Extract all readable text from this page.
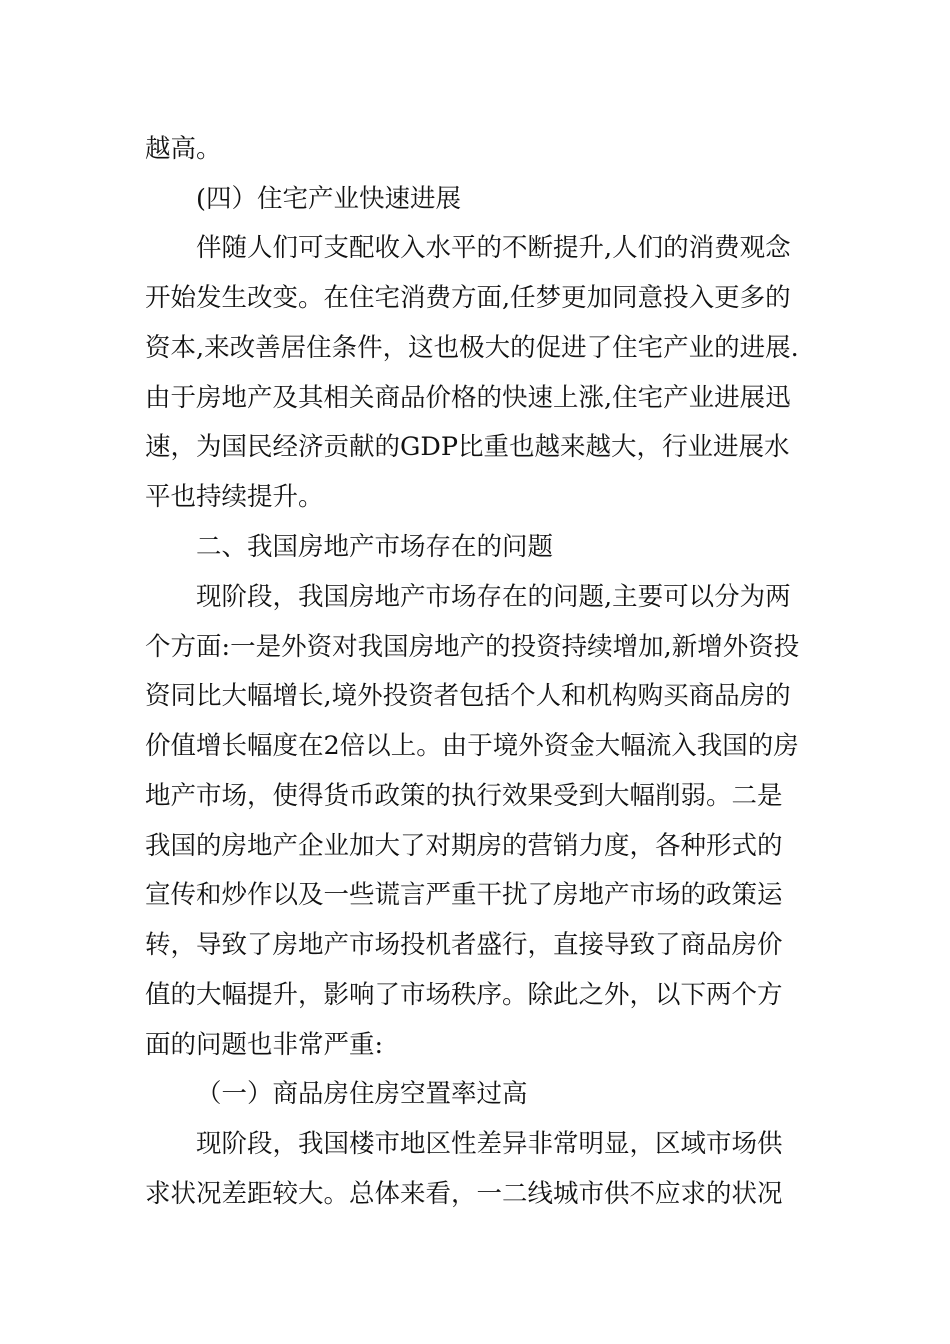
越高。

(四）住宅产业快速进展

伴随人们可支配收入水平的不断提升,人们的消费观念

开始发生改变。在住宅消费方面,任梦更加同意投入更多的

资本,来改善居住条件，这也极大的促进了住宅产业的进展.

由于房地产及其相关商品价格的快速上涨,住宅产业进展迅

速，为国民经济贡献的GDP比重也越来越大，行业进展水

平也持续提升。

二、我国房地产市场存在的问题

现阶段，我国房地产市场存在的问题,主要可以分为两

个方面:一是外资对我国房地产的投资持续增加,新增外资投

资同比大幅增长,境外投资者包括个人和机构购买商品房的

价值增长幅度在2倍以上。由于境外资金大幅流入我国的房

地产市场，使得货币政策的执行效果受到大幅削弱。二是

我国的房地产企业加大了对期房的营销力度，各种形式的

宣传和炒作以及一些谎言严重干扰了房地产市场的政策运

转，导致了房地产市场投机者盛行，直接导致了商品房价

值的大幅提升，影响了市场秩序。除此之外，以下两个方

面的问题也非常严重:

（一）商品房住房空置率过高

现阶段，我国楼市地区性差异非常明显，区域市场供

求状况差距较大。总体来看，一二线城市供不应求的状况
